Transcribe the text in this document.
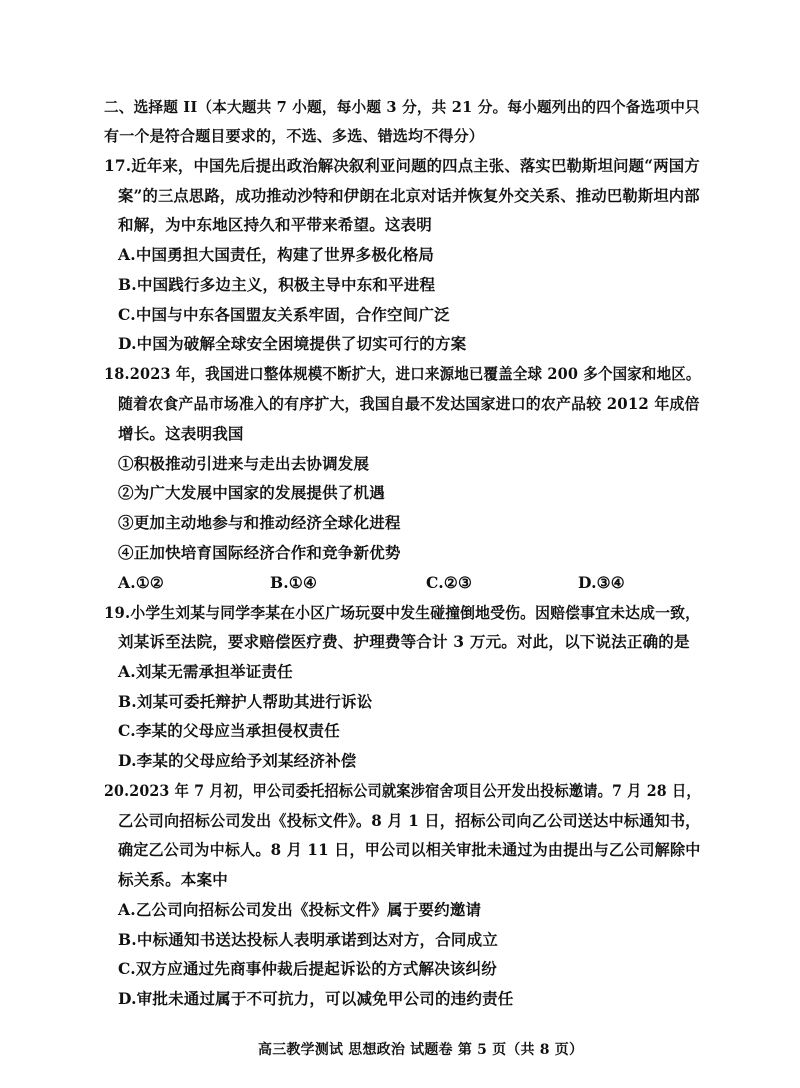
二、选择题 II（本大题共 7 小题，每小题 3 分，共 21 分。每小题列出的四个备选项中只
有一个是符合题目要求的，不选、多选、错选均不得分）
17.近年来，中国先后提出政治解决叙利亚问题的四点主张、落实巴勒斯坦问题“两国方
案”的三点思路，成功推动沙特和伊朗在北京对话并恢复外交关系、推动巴勒斯坦内部
和解，为中东地区持久和平带来希望。这表明
A.中国勇担大国责任，构建了世界多极化格局
B.中国践行多边主义，积极主导中东和平进程
C.中国与中东各国盟友关系牢固，合作空间广泛
D.中国为破解全球安全困境提供了切实可行的方案
18.2023 年，我国进口整体规模不断扩大，进口来源地已覆盖全球 200 多个国家和地区。
随着农食产品市场准入的有序扩大，我国自最不发达国家进口的农产品较 2012 年成倍
增长。这表明我国
①积极推动引进来与走出去协调发展
②为广大发展中国家的发展提供了机遇
③更加主动地参与和推动经济全球化进程
④正加快培育国际经济合作和竞争新优势
A.①②	B.①④	C.②③	D.③④
19.小学生刘某与同学李某在小区广场玩耍中发生碰撞倒地受伤。因赔偿事宜未达成一致，
刘某诉至法院，要求赔偿医疗费、护理费等合计 3 万元。对此，以下说法正确的是
A.刘某无需承担举证责任
B.刘某可委托辩护人帮助其进行诉讼
C.李某的父母应当承担侵权责任
D.李某的父母应给予刘某经济补偿
20.2023 年 7 月初，甲公司委托招标公司就案涉宿舍项目公开发出投标邀请。7 月 28 日，
乙公司向招标公司发出《投标文件》。8 月 1 日，招标公司向乙公司送达中标通知书，
确定乙公司为中标人。8 月 11 日，甲公司以相关审批未通过为由提出与乙公司解除中
标关系。本案中
A.乙公司向招标公司发出《投标文件》属于要约邀请
B.中标通知书送达投标人表明承诺到达对方，合同成立
C.双方应通过先商事仲裁后提起诉讼的方式解决该纠纷
D.审批未通过属于不可抗力，可以减免甲公司的违约责任
高三教学测试 思想政治 试题卷 第 5 页（共 8 页）
